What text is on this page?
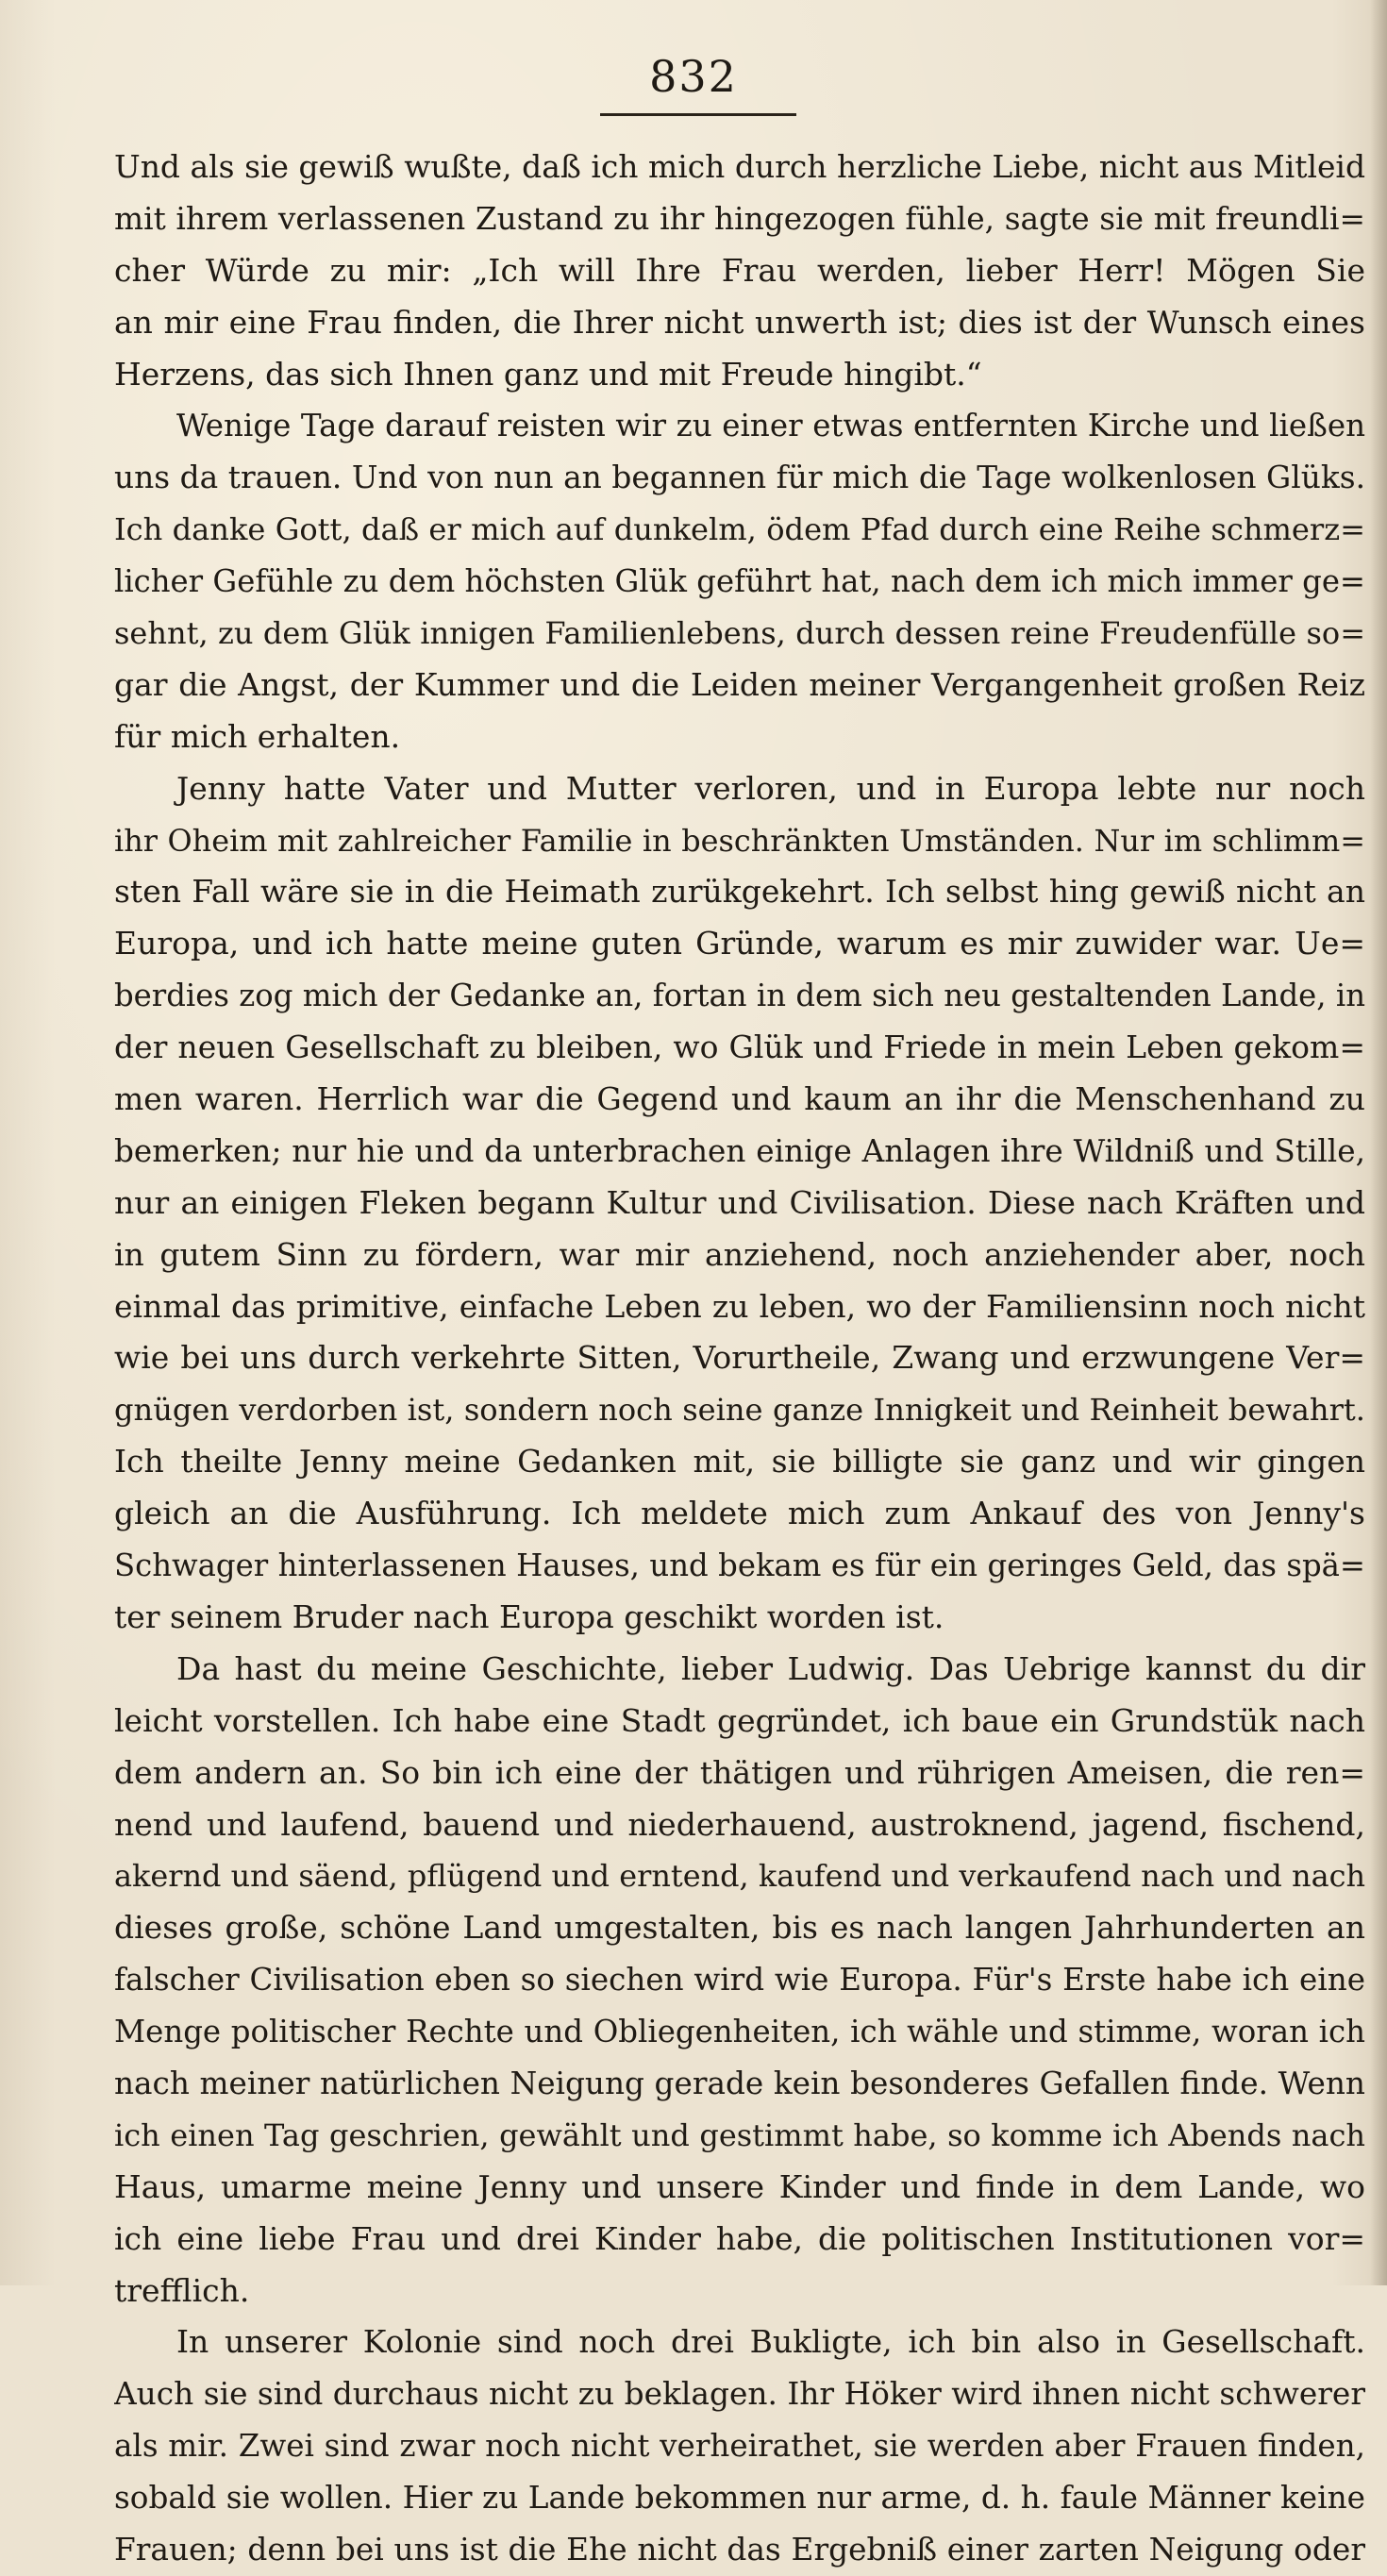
832
Und als sie gewiß wußte, daß ich mich durch herzliche Liebe, nicht aus Mitleid
mit ihrem verlassenen Zustand zu ihr hingezogen fühle, sagte sie mit freundli=
cher Würde zu mir: „Ich will Ihre Frau werden, lieber Herr! Mögen Sie
an mir eine Frau finden, die Ihrer nicht unwerth ist; dies ist der Wunsch eines
Herzens, das sich Ihnen ganz und mit Freude hingibt.“
Wenige Tage darauf reisten wir zu einer etwas entfernten Kirche und ließen
uns da trauen. Und von nun an begannen für mich die Tage wolkenlosen Glüks.
Ich danke Gott, daß er mich auf dunkelm, ödem Pfad durch eine Reihe schmerz=
licher Gefühle zu dem höchsten Glük geführt hat, nach dem ich mich immer ge=
sehnt, zu dem Glük innigen Familienlebens, durch dessen reine Freudenfülle so=
gar die Angst, der Kummer und die Leiden meiner Vergangenheit großen Reiz
für mich erhalten.
Jenny hatte Vater und Mutter verloren, und in Europa lebte nur noch
ihr Oheim mit zahlreicher Familie in beschränkten Umständen. Nur im schlimm=
sten Fall wäre sie in die Heimath zurükgekehrt. Ich selbst hing gewiß nicht an
Europa, und ich hatte meine guten Gründe, warum es mir zuwider war. Ue=
berdies zog mich der Gedanke an, fortan in dem sich neu gestaltenden Lande, in
der neuen Gesellschaft zu bleiben, wo Glük und Friede in mein Leben gekom=
men waren. Herrlich war die Gegend und kaum an ihr die Menschenhand zu
bemerken; nur hie und da unterbrachen einige Anlagen ihre Wildniß und Stille,
nur an einigen Fleken begann Kultur und Civilisation. Diese nach Kräften und
in gutem Sinn zu fördern, war mir anziehend, noch anziehender aber, noch
einmal das primitive, einfache Leben zu leben, wo der Familiensinn noch nicht
wie bei uns durch verkehrte Sitten, Vorurtheile, Zwang und erzwungene Ver=
gnügen verdorben ist, sondern noch seine ganze Innigkeit und Reinheit bewahrt.
Ich theilte Jenny meine Gedanken mit, sie billigte sie ganz und wir gingen
gleich an die Ausführung. Ich meldete mich zum Ankauf des von Jenny's
Schwager hinterlassenen Hauses, und bekam es für ein geringes Geld, das spä=
ter seinem Bruder nach Europa geschikt worden ist.
Da hast du meine Geschichte, lieber Ludwig. Das Uebrige kannst du dir
leicht vorstellen. Ich habe eine Stadt gegründet, ich baue ein Grundstük nach
dem andern an. So bin ich eine der thätigen und rührigen Ameisen, die ren=
nend und laufend, bauend und niederhauend, austroknend, jagend, fischend,
akernd und säend, pflügend und erntend, kaufend und verkaufend nach und nach
dieses große, schöne Land umgestalten, bis es nach langen Jahrhunderten an
falscher Civilisation eben so siechen wird wie Europa. Für's Erste habe ich eine
Menge politischer Rechte und Obliegenheiten, ich wähle und stimme, woran ich
nach meiner natürlichen Neigung gerade kein besonderes Gefallen finde. Wenn
ich einen Tag geschrien, gewählt und gestimmt habe, so komme ich Abends nach
Haus, umarme meine Jenny und unsere Kinder und finde in dem Lande, wo
ich eine liebe Frau und drei Kinder habe, die politischen Institutionen vor=
trefflich.
In unserer Kolonie sind noch drei Bukligte, ich bin also in Gesellschaft.
Auch sie sind durchaus nicht zu beklagen. Ihr Höker wird ihnen nicht schwerer
als mir. Zwei sind zwar noch nicht verheirathet, sie werden aber Frauen finden,
sobald sie wollen. Hier zu Lande bekommen nur arme, d. h. faule Männer keine
Frauen; denn bei uns ist die Ehe nicht das Ergebniß einer zarten Neigung oder
